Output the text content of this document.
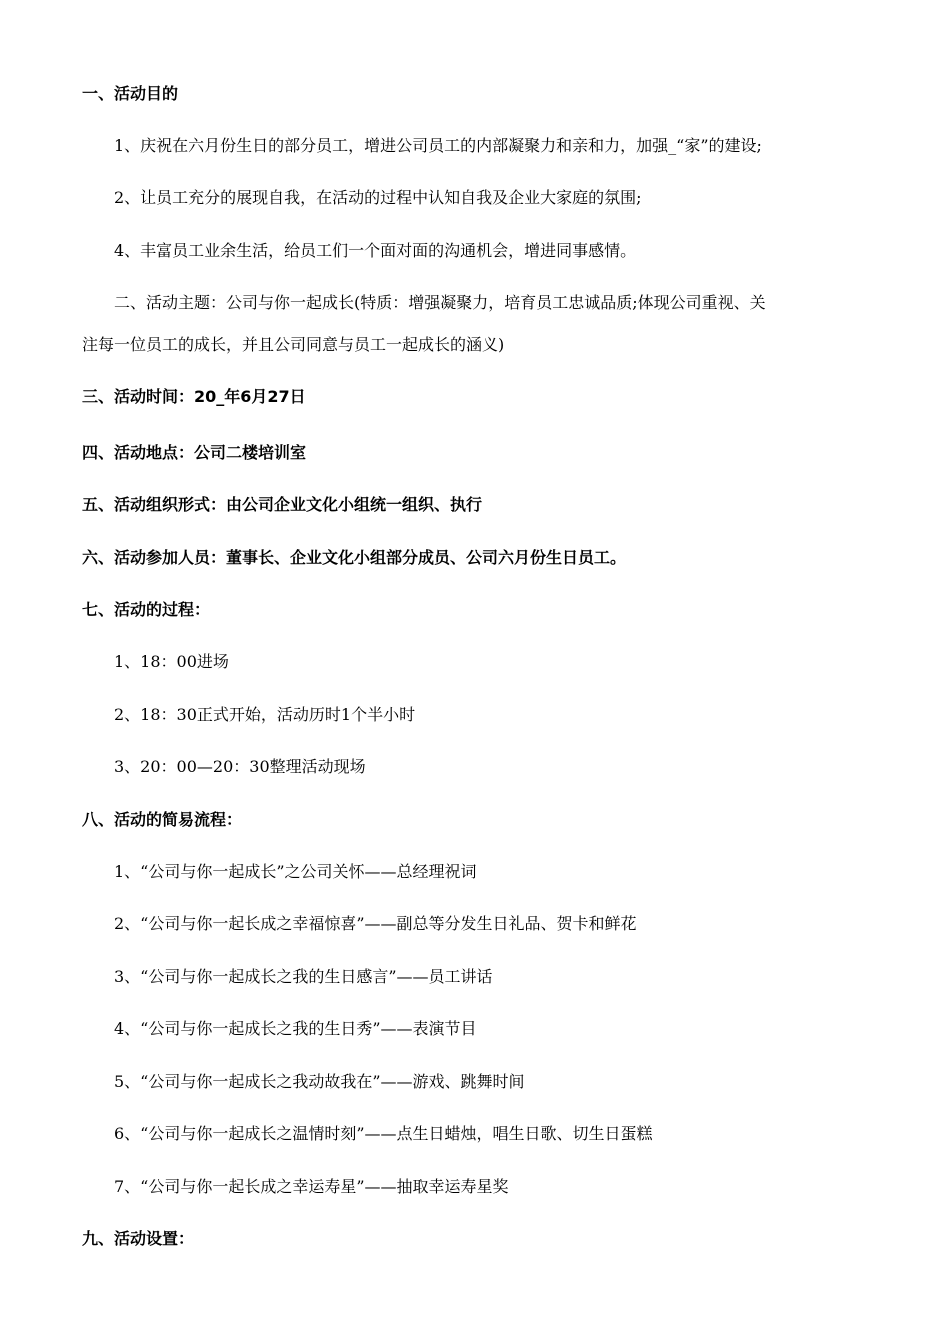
一、活动目的
1、庆祝在六月份生日的部分员工，增进公司员工的内部凝聚力和亲和力，加强_“家”的建设;
2、让员工充分的展现自我，在活动的过程中认知自我及企业大家庭的氛围;
4、丰富员工业余生活，给员工们一个面对面的沟通机会，增进同事感情。
二、活动主题：公司与你一起成长(特质：增强凝聚力，培育员工忠诚品质;体现公司重视、关
注每一位员工的成长，并且公司同意与员工一起成长的涵义)
三、活动时间：20_年6月27日
四、活动地点：公司二楼培训室
五、活动组织形式：由公司企业文化小组统一组织、执行
六、活动参加人员：董事长、企业文化小组部分成员、公司六月份生日员工。
七、活动的过程：
1、18：00进场
2、18：30正式开始，活动历时1个半小时
3、20：00—20：30整理活动现场
八、活动的简易流程：
1、“公司与你一起成长”之公司关怀——总经理祝词
2、“公司与你一起长成之幸福惊喜”——副总等分发生日礼品、贺卡和鲜花
3、“公司与你一起成长之我的生日感言”——员工讲话
4、“公司与你一起成长之我的生日秀”——表演节目
5、“公司与你一起成长之我动故我在”——游戏、跳舞时间
6、“公司与你一起成长之温情时刻”——点生日蜡烛，唱生日歌、切生日蛋糕
7、“公司与你一起长成之幸运寿星”——抽取幸运寿星奖
九、活动设置：
